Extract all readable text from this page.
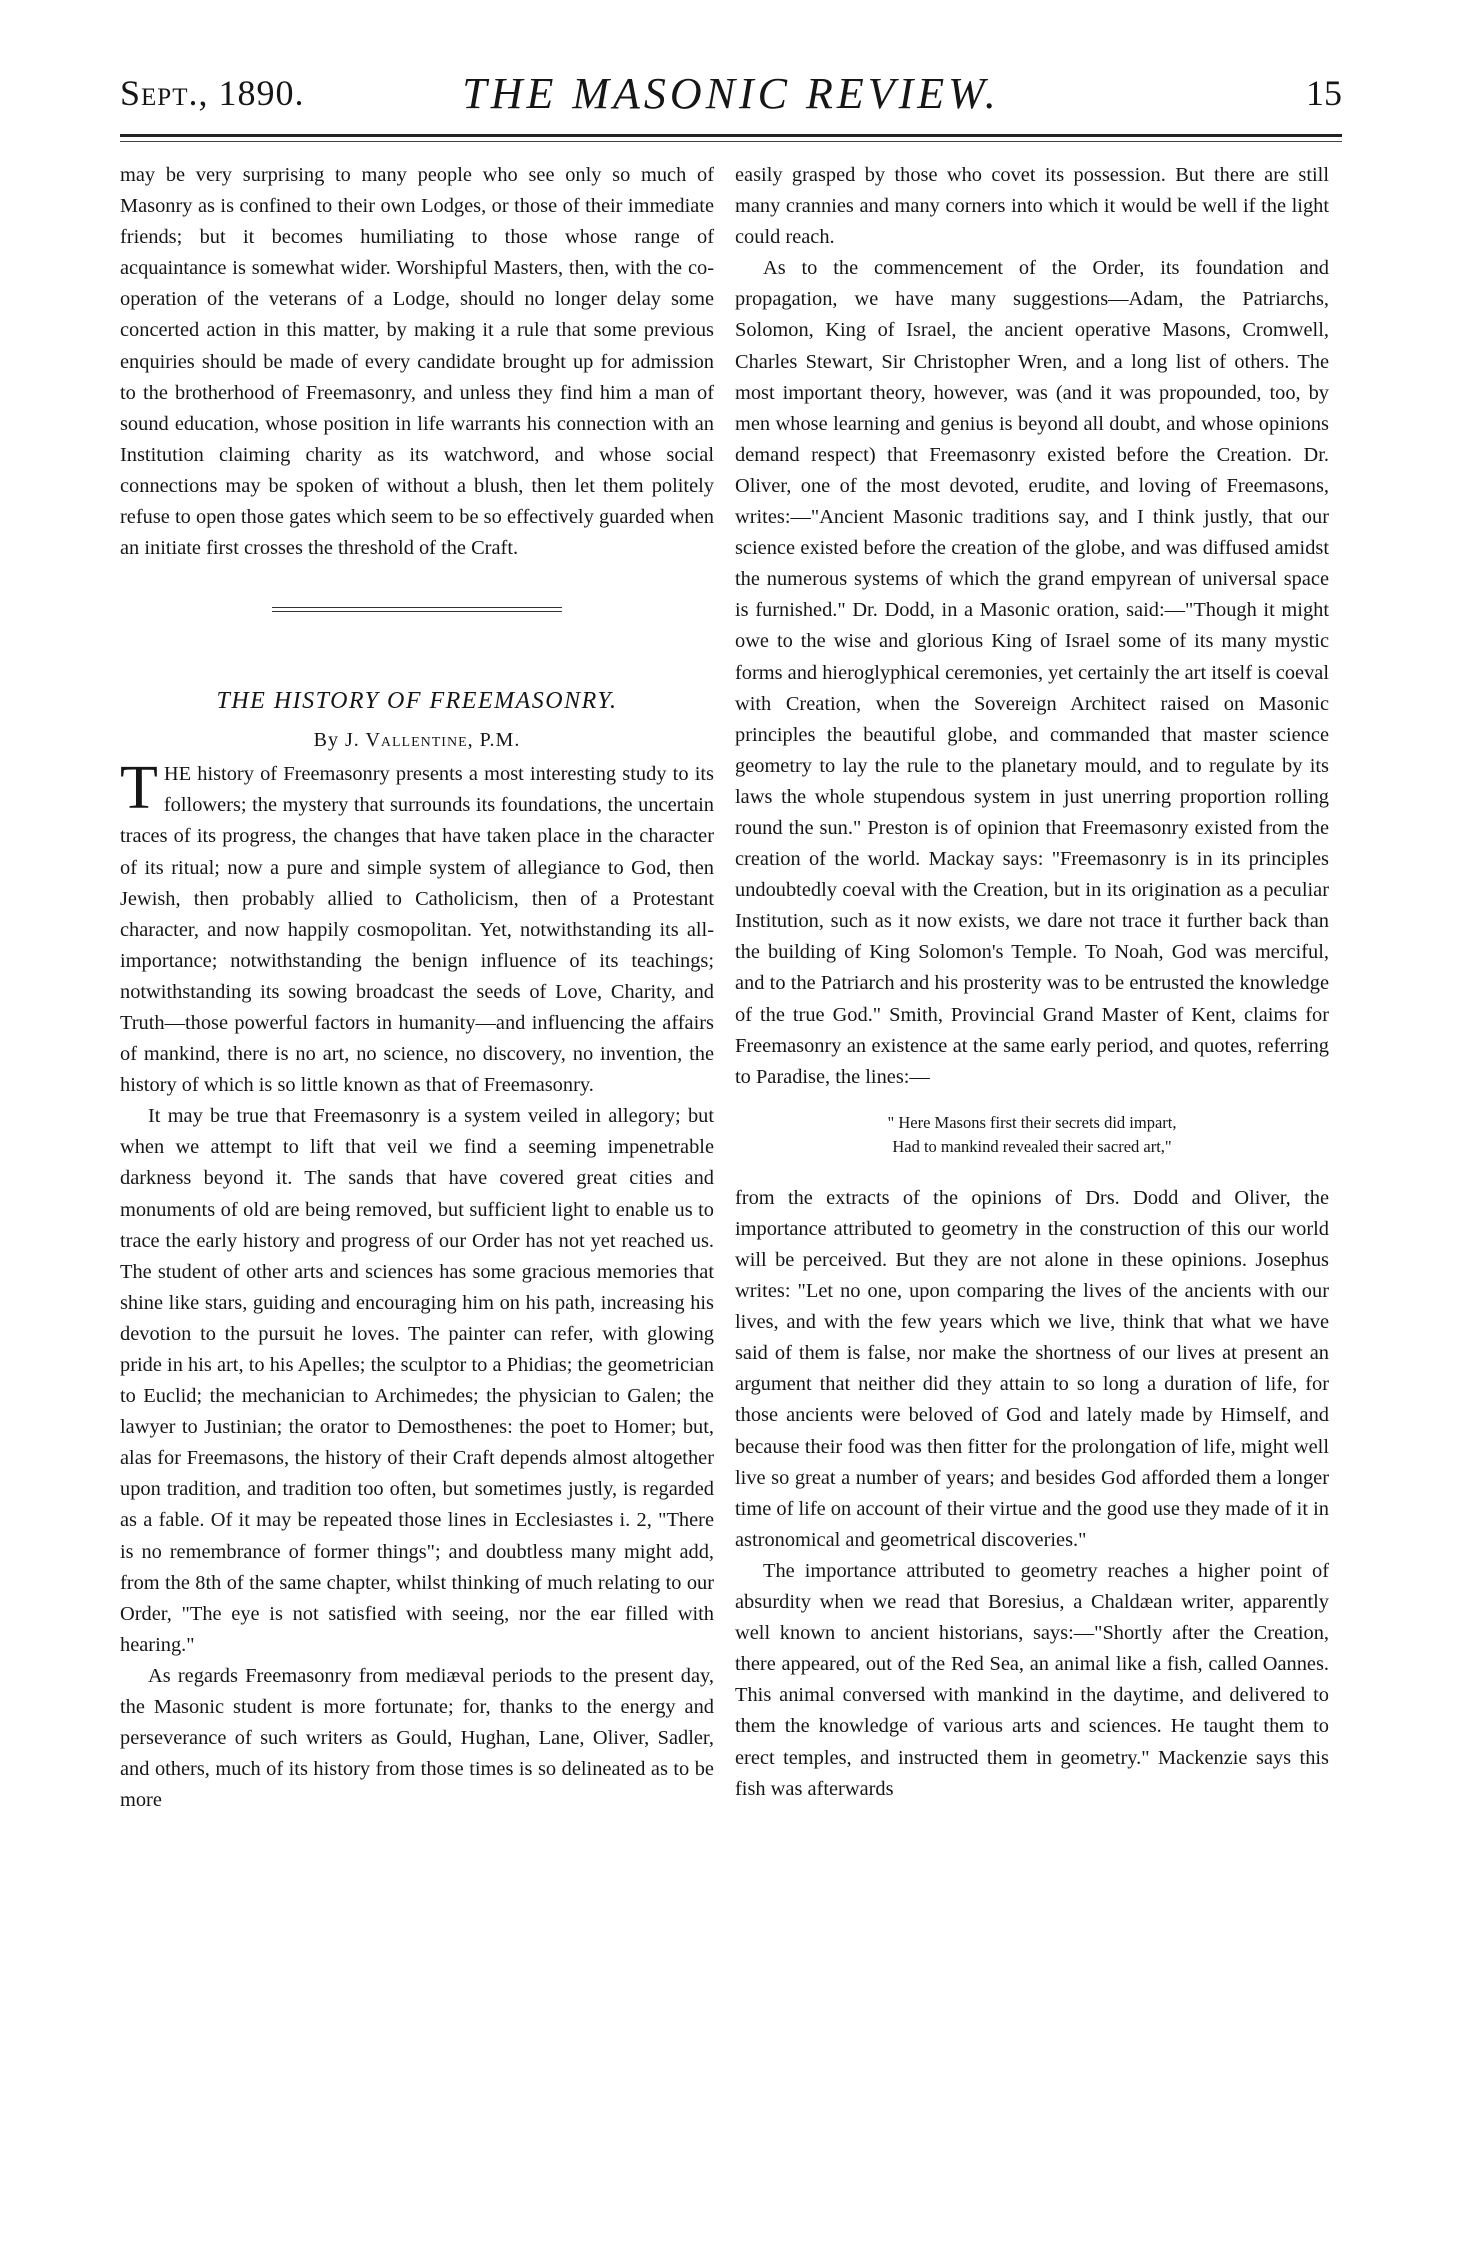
Sept., 1890.	THE MASONIC REVIEW.	15

may be very surprising to many people who see only so much of Masonry as is confined to their own Lodges, or those of their immediate friends; but it becomes humiliating to those whose range of acquaintance is somewhat wider. Worshipful Masters, then, with the co-operation of the veterans of a Lodge, should no longer delay some concerted action in this matter, by making it a rule that some previous enquiries should be made of every candidate brought up for admission to the brotherhood of Freemasonry, and unless they find him a man of sound education, whose position in life warrants his connection with an Institution claiming charity as its watchword, and whose social connections may be spoken of without a blush, then let them politely refuse to open those gates which seem to be so effectively guarded when an initiate first crosses the threshold of the Craft.

THE HISTORY OF FREEMASONRY.
By J. Vallentine, P.M.

THE history of Freemasonry presents a most interesting study to its followers; the mystery that surrounds its foundations, the uncertain traces of its progress, the changes that have taken place in the character of its ritual; now a pure and simple system of allegiance to God, then Jewish, then probably allied to Catholicism, then of a Protestant character, and now happily cosmopolitan. Yet, notwithstanding its all-importance; notwithstanding the benign influence of its teachings; notwithstanding its sowing broadcast the seeds of Love, Charity, and Truth—those powerful factors in humanity—and influencing the affairs of mankind, there is no art, no science, no discovery, no invention, the history of which is so little known as that of Freemasonry.

It may be true that Freemasonry is a system veiled in allegory; but when we attempt to lift that veil we find a seeming impenetrable darkness beyond it. The sands that have covered great cities and monuments of old are being removed, but sufficient light to enable us to trace the early history and progress of our Order has not yet reached us. The student of other arts and sciences has some gracious memories that shine like stars, guiding and encouraging him on his path, increasing his devotion to the pursuit he loves. The painter can refer, with glowing pride in his art, to his Apelles; the sculptor to a Phidias; the geometrician to Euclid; the mechanician to Archimedes; the physician to Galen; the lawyer to Justinian; the orator to Demosthenes: the poet to Homer; but, alas for Freemasons, the history of their Craft depends almost altogether upon tradition, and tradition too often, but sometimes justly, is regarded as a fable. Of it may be repeated those lines in Ecclesiastes i. 2, "There is no remembrance of former things"; and doubtless many might add, from the 8th of the same chapter, whilst thinking of much relating to our Order, "The eye is not satisfied with seeing, nor the ear filled with hearing."

As regards Freemasonry from mediæval periods to the present day, the Masonic student is more fortunate; for, thanks to the energy and perseverance of such writers as Gould, Hughan, Lane, Oliver, Sadler, and others, much of its history from those times is so delineated as to be more

easily grasped by those who covet its possession. But there are still many crannies and many corners into which it would be well if the light could reach.

As to the commencement of the Order, its foundation and propagation, we have many suggestions—Adam, the Patriarchs, Solomon, King of Israel, the ancient operative Masons, Cromwell, Charles Stewart, Sir Christopher Wren, and a long list of others. The most important theory, however, was (and it was propounded, too, by men whose learning and genius is beyond all doubt, and whose opinions demand respect) that Freemasonry existed before the Creation. Dr. Oliver, one of the most devoted, erudite, and loving of Freemasons, writes:—"Ancient Masonic traditions say, and I think justly, that our science existed before the creation of the globe, and was diffused amidst the numerous systems of which the grand empyrean of universal space is furnished." Dr. Dodd, in a Masonic oration, said:—"Though it might owe to the wise and glorious King of Israel some of its many mystic forms and hieroglyphical ceremonies, yet certainly the art itself is coeval with Creation, when the Sovereign Architect raised on Masonic principles the beautiful globe, and commanded that master science geometry to lay the rule to the planetary mould, and to regulate by its laws the whole stupendous system in just unerring proportion rolling round the sun." Preston is of opinion that Freemasonry existed from the creation of the world. Mackay says: "Freemasonry is in its principles undoubtedly coeval with the Creation, but in its origination as a peculiar Institution, such as it now exists, we dare not trace it further back than the building of King Solomon's Temple. To Noah, God was merciful, and to the Patriarch and his prosterity was to be entrusted the knowledge of the true God." Smith, Provincial Grand Master of Kent, claims for Freemasonry an existence at the same early period, and quotes, referring to Paradise, the lines:—

" Here Masons first their secrets did impart,
Had to mankind revealed their sacred art,"

from the extracts of the opinions of Drs. Dodd and Oliver, the importance attributed to geometry in the construction of this our world will be perceived. But they are not alone in these opinions. Josephus writes: "Let no one, upon comparing the lives of the ancients with our lives, and with the few years which we live, think that what we have said of them is false, nor make the shortness of our lives at present an argument that neither did they attain to so long a duration of life, for those ancients were beloved of God and lately made by Himself, and because their food was then fitter for the prolongation of life, might well live so great a number of years; and besides God afforded them a longer time of life on account of their virtue and the good use they made of it in astronomical and geometrical discoveries."

The importance attributed to geometry reaches a higher point of absurdity when we read that Boresius, a Chaldæan writer, apparently well known to ancient historians, says:—"Shortly after the Creation, there appeared, out of the Red Sea, an animal like a fish, called Oannes. This animal conversed with mankind in the daytime, and delivered to them the knowledge of various arts and sciences. He taught them to erect temples, and instructed them in geometry." Mackenzie says this fish was afterwards
